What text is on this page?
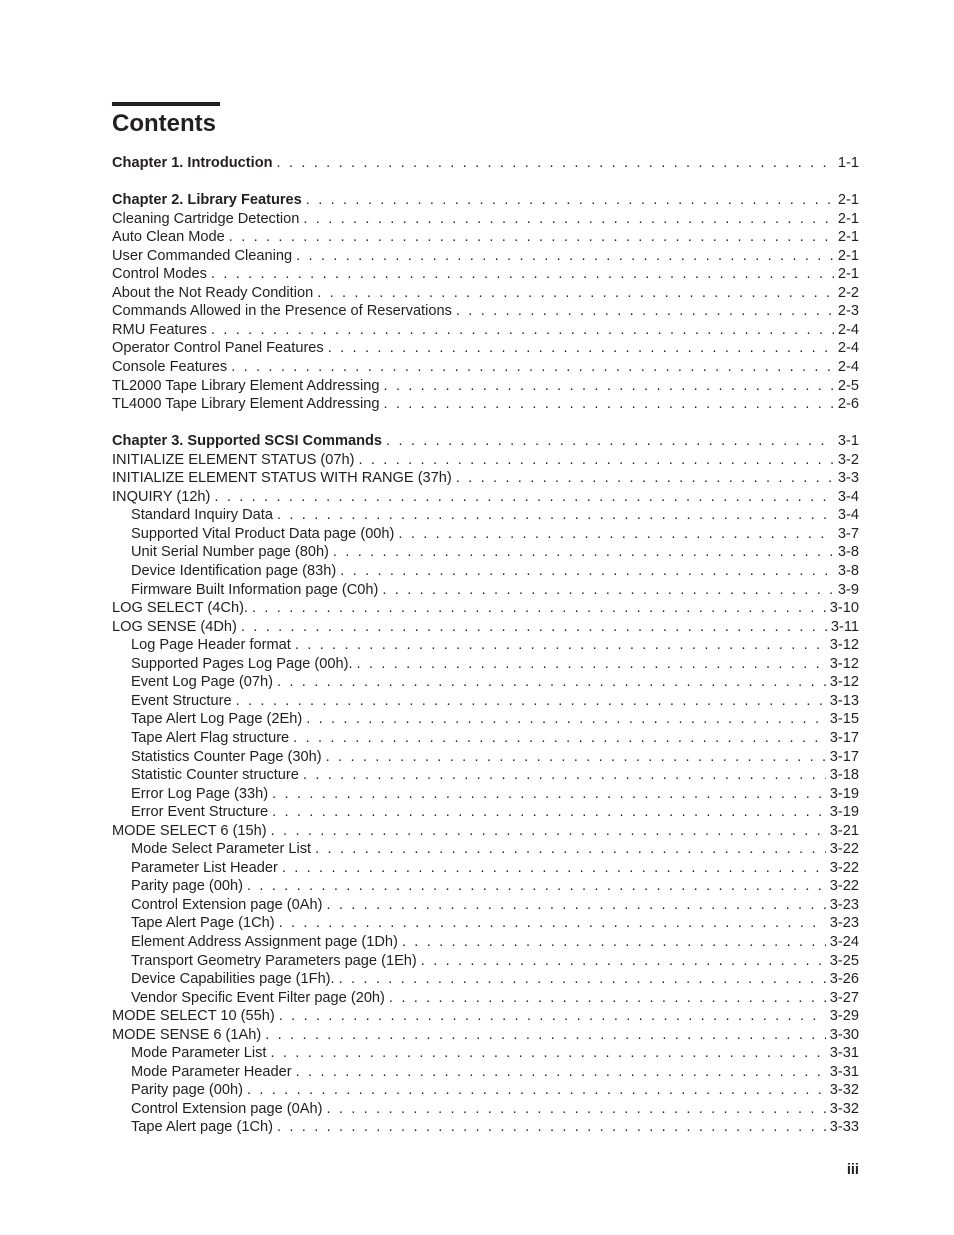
Contents
Chapter 1. Introduction . . .	1-1
Chapter 2. Library Features . . .	2-1
Cleaning Cartridge Detection . . .	2-1
Auto Clean Mode . . .	2-1
User Commanded Cleaning . . .	2-1
Control Modes . . .	2-1
About the Not Ready Condition . . .	2-2
Commands Allowed in the Presence of Reservations . . .	2-3
RMU Features . . .	2-4
Operator Control Panel Features . . .	2-4
Console Features . . .	2-4
TL2000 Tape Library Element Addressing . . .	2-5
TL4000 Tape Library Element Addressing . . .	2-6
Chapter 3. Supported SCSI Commands . . .	3-1
INITIALIZE ELEMENT STATUS (07h) . . .	3-2
INITIALIZE ELEMENT STATUS WITH RANGE (37h) . . .	3-3
INQUIRY (12h) . . .	3-4
Standard Inquiry Data . . .	3-4
Supported Vital Product Data page (00h) . . .	3-7
Unit Serial Number page (80h) . . .	3-8
Device Identification page (83h) . . .	3-8
Firmware Built Information page (C0h) . . .	3-9
LOG SELECT (4Ch). . . .	3-10
LOG SENSE (4Dh) . . .	3-11
Log Page Header format . . .	3-12
Supported Pages Log Page (00h). . . .	3-12
Event Log Page (07h) . . .	3-12
Event Structure . . .	3-13
Tape Alert Log Page (2Eh) . . .	3-15
Tape Alert Flag structure . . .	3-17
Statistics Counter Page (30h) . . .	3-17
Statistic Counter structure . . .	3-18
Error Log Page (33h) . . .	3-19
Error Event Structure . . .	3-19
MODE SELECT 6 (15h) . . .	3-21
Mode Select Parameter List . . .	3-22
Parameter List Header . . .	3-22
Parity page (00h) . . .	3-22
Control Extension page (0Ah) . . .	3-23
Tape Alert Page (1Ch) . . .	3-23
Element Address Assignment page (1Dh) . . .	3-24
Transport Geometry Parameters page (1Eh) . . .	3-25
Device Capabilities page (1Fh). . . .	3-26
Vendor Specific Event Filter page (20h) . . .	3-27
MODE SELECT 10 (55h) . . .	3-29
MODE SENSE 6 (1Ah) . . .	3-30
Mode Parameter List . . .	3-31
Mode Parameter Header . . .	3-31
Parity page (00h) . . .	3-32
Control Extension page (0Ah) . . .	3-32
Tape Alert page (1Ch) . . .	3-33
iii
